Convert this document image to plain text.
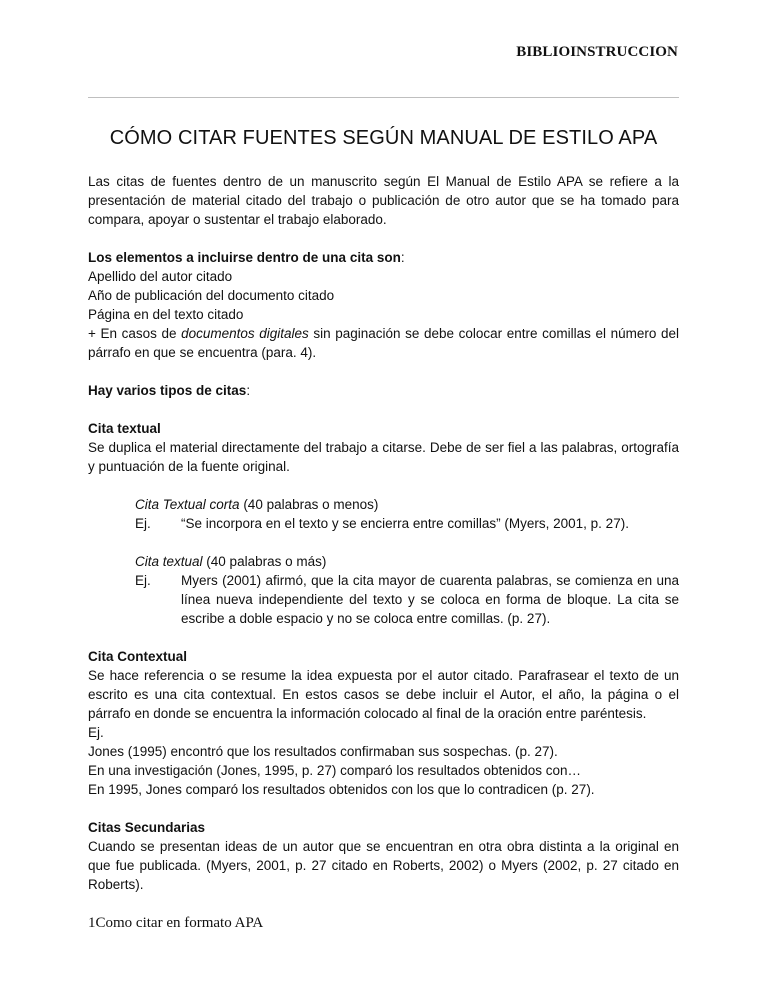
BIBLIOINSTRUCCION
CÓMO CITAR FUENTES SEGÚN MANUAL DE ESTILO APA

Las citas de fuentes dentro de un manuscrito según El Manual de Estilo APA se refiere a la presentación de material citado del trabajo o publicación de otro autor que se ha tomado para compara, apoyar o sustentar el trabajo elaborado.

Los elementos a incluirse dentro de una cita son:

Apellido del autor citado

Año de publicación del documento citado

Página en del texto citado

+ En casos de documentos digitales sin paginación se debe colocar entre comillas el número del párrafo en que se encuentra (para. 4).

Hay varios tipos de citas:

Cita textual

Se duplica el material directamente del trabajo a citarse. Debe de ser fiel a las palabras, ortografía y puntuación de la fuente original.

Cita Textual corta (40 palabras o menos)

Ej.	“Se incorpora en el texto y se encierra entre comillas” (Myers, 2001, p. 27).

Cita textual (40 palabras o más)

Ej.	Myers (2001) afirmó, que la cita mayor de cuarenta palabras, se comienza en una línea nueva independiente del texto y se coloca en forma de bloque. La cita se escribe a doble espacio y no se coloca entre comillas. (p. 27).

Cita Contextual

Se hace referencia o se resume la idea expuesta por el autor citado. Parafrasear el texto de un escrito es una cita contextual. En estos casos se debe incluir el Autor, el año, la página o el párrafo en donde se encuentra la información colocado al final de la oración entre paréntesis.

Ej.

Jones (1995) encontró que los resultados confirmaban sus sospechas. (p. 27).

En una investigación (Jones, 1995, p. 27) comparó los resultados obtenidos con…

En 1995, Jones comparó los resultados obtenidos con los que lo contradicen (p. 27).

Citas Secundarias

Cuando se presentan ideas de un autor que se encuentran en otra obra distinta a la original en que fue publicada. (Myers, 2001, p. 27 citado en Roberts, 2002) o Myers (2002, p. 27 citado en Roberts).

1Como citar en formato APA
